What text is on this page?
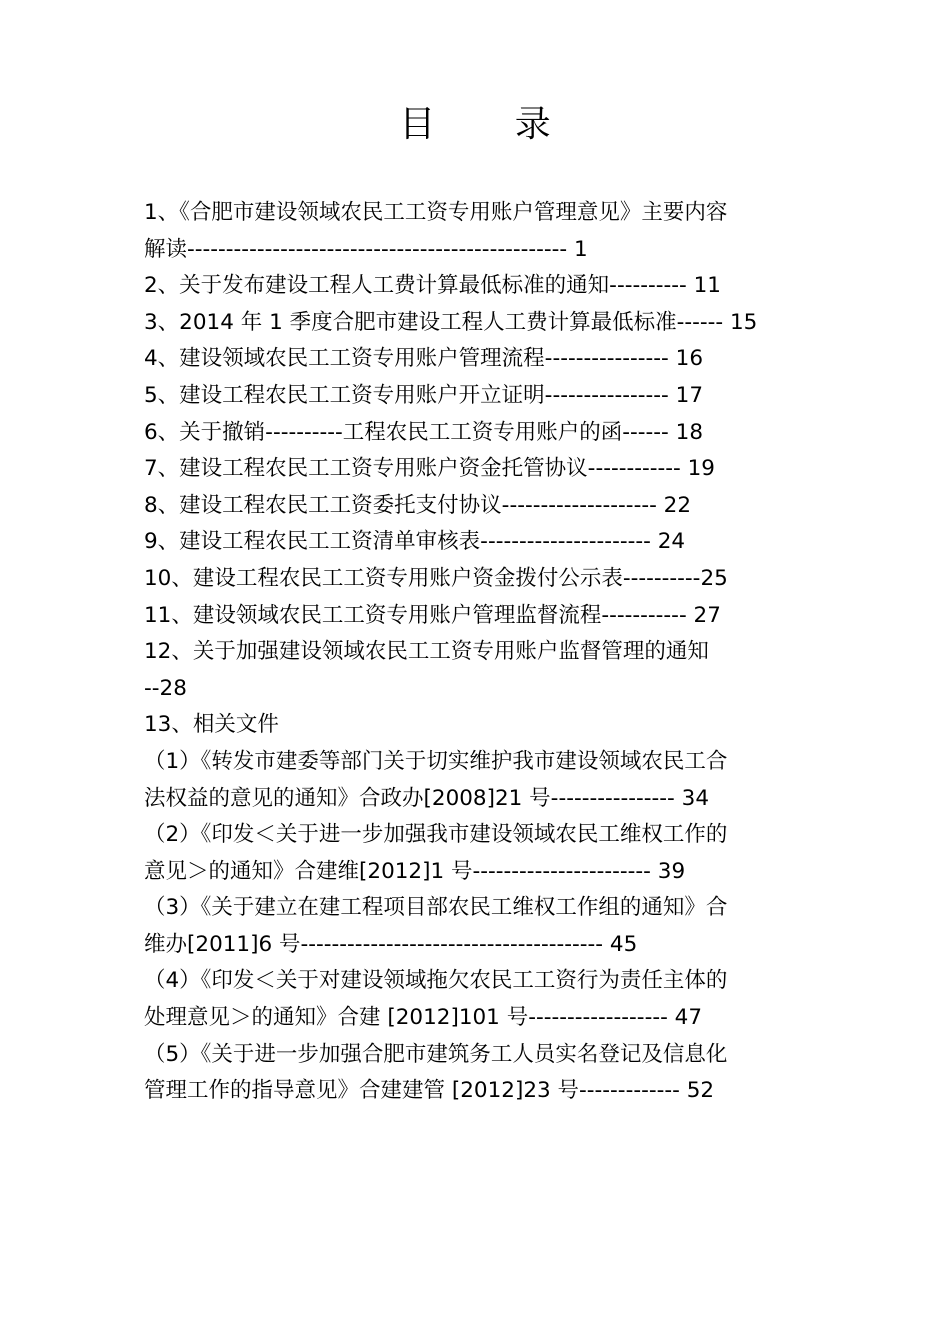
目 录
1、《合肥市建设领域农民工工资专用账户管理意见》主要内容
解读------------------------------------------------- 1
2、关于发布建设工程人工费计算最低标准的通知---------- 11
3、2014 年 1 季度合肥市建设工程人工费计算最低标准------ 15
4、建设领域农民工工资专用账户管理流程---------------- 16
5、建设工程农民工工资专用账户开立证明---------------- 17
6、关于撤销----------工程农民工工资专用账户的函------ 18
7、建设工程农民工工资专用账户资金托管协议------------ 19
8、建设工程农民工工资委托支付协议-------------------- 22
9、建设工程农民工工资清单审核表---------------------- 24
10、建设工程农民工工资专用账户资金拨付公示表----------25
11、建设领域农民工工资专用账户管理监督流程----------- 27
12、关于加强建设领域农民工工资专用账户监督管理的通知
--28
13、相关文件
（1）《转发市建委等部门关于切实维护我市建设领域农民工合
法权益的意见的通知》合政办[2008]21 号---------------- 34
（2）《印发＜关于进一步加强我市建设领域农民工维权工作的
意见＞的通知》合建维[2012]1 号----------------------- 39
（3）《关于建立在建工程项目部农民工维权工作组的通知》合
维办[2011]6 号--------------------------------------- 45
（4）《印发＜关于对建设领域拖欠农民工工资行为责任主体的
处理意见＞的通知》合建 [2012]101 号------------------ 47
（5）《关于进一步加强合肥市建筑务工人员实名登记及信息化
管理工作的指导意见》合建建管 [2012]23 号------------- 52
